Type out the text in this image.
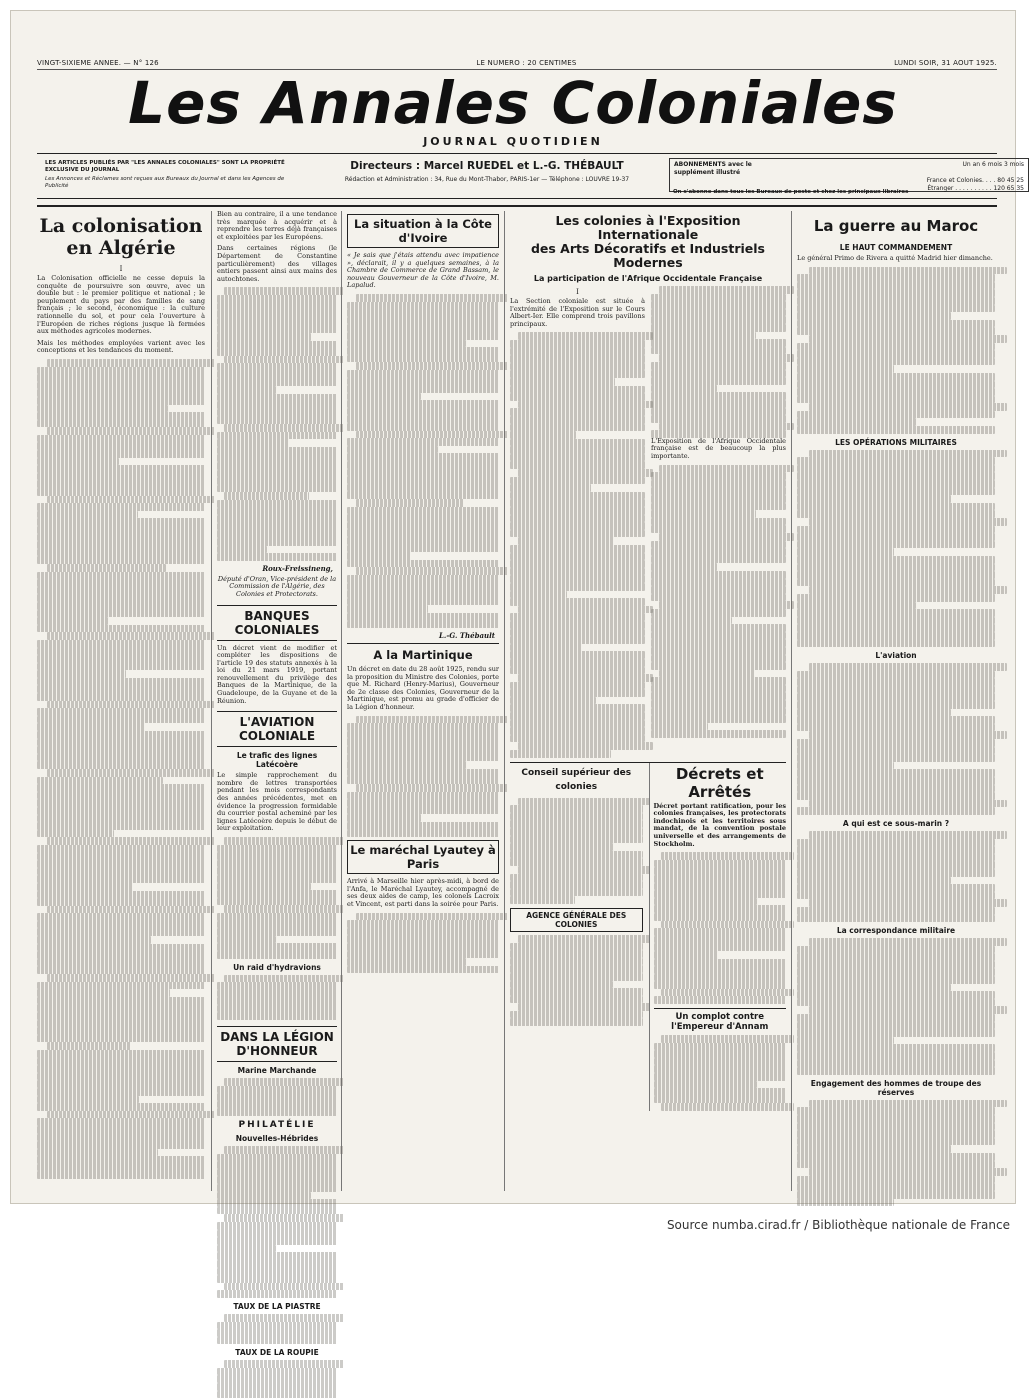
VINGT-SIXIEME ANNEE. — N° 126	LE NUMERO : 20 CENTIMES	LUNDI SOIR, 31 AOUT 1925.
Les Annales Coloniales
JOURNAL QUOTIDIEN
LES ARTICLES PUBLIÉS PAR "LES ANNALES COLONIALES" SONT LA PROPRIÉTÉ EXCLUSIVE DU JOURNAL
Les Annonces et Réclames sont reçues aux Bureaux du Journal et dans les Agences de Publicité
Directeurs : Marcel RUEDEL et L.-G. THÉBAULT
Rédaction et Administration : 34, Rue du Mont-Thabor, PARIS-1er — Téléphone : LOUVRE 19-37
ABONNEMENTS avec le supplément illustré
Un an 6 mois 3 mois
France et Colonies. . . . 80 45 25
Étranger . . . . . . . . . . 120 65 35
On s'abonne dans tous les Bureaux de poste et chez les principaux libraires
La colonisation en Algérie
I
La Colonisation officielle ne cesse depuis la conquête de poursuivre son œuvre, avec un double but : le premier politique et national ; le peuplement du pays par des familles de sang français ; le second, économique : la culture rationnelle du sol, et pour cela l'ouverture à l'Européen de riches régions jusque là fermées aux méthodes agricoles modernes.
Mais les méthodes employées varient avec les conceptions et les tendances du moment.
Bien au contraire, il a une tendance très marquée à acquérir et à reprendre les terres déjà françaises et exploitées par les Européens.
Dans certaines régions (le Département de Constantine particulièrement) des villages entiers passent ainsi aux mains des autochtones.
Roux-Freissineng,
Député d'Oran, Vice-président de la Commission de l'Algérie, des Colonies et Protectorats.
BANQUES COLONIALES
Un décret vient de modifier et compléter les dispositions de l'article 19 des statuts annexés à la loi du 21 mars 1919, portant renouvellement du privilège des Banques de la Martinique, de la Guadeloupe, de la Guyane et de la Réunion.
L'AVIATION COLONIALE
Le trafic des lignes Latécoère
Le simple rapprochement du nombre de lettres transportées pendant les mois correspondants des années précédentes, met en évidence la progression formidable du courrier postal acheminé par les lignes Latécoère depuis le début de leur exploitation.
Un raid d'hydravions
DANS LA LÉGION D'HONNEUR
Marine Marchande
PHILATÉLIE
Nouvelles-Hébrides
TAUX DE LA PIASTRE
TAUX DE LA ROUPIE
La situation à la Côte d'Ivoire
« Je sais que j'étais attendu avec impatience », déclarait, il y a quelques semaines, à la Chambre de Commerce de Grand Bassam, le nouveau Gouverneur de la Côte d'Ivoire, M. Lapalud.
L.-G. Thébault
A la Martinique
Un décret en date du 28 août 1925, rendu sur la proposition du Ministre des Colonies, porte que M. Richard (Henry-Marius), Gouverneur de 2e classe des Colonies, Gouverneur de la Martinique, est promu au grade d'officier de la Légion d'honneur.
Le maréchal Lyautey à Paris
Arrivé à Marseille hier après-midi, à bord de l'Anfa, le Maréchal Lyautey, accompagné de ses deux aides de camp, les colonels Lacroix et Vincent, est parti dans la soirée pour Paris.
Les colonies à l'Exposition Internationale
des Arts Décoratifs et Industriels Modernes
La participation de l'Afrique Occidentale Française
I
La Section coloniale est située à l'extrémité de l'Exposition sur le Cours Albert-Ier. Elle comprend trois pavillons principaux.
L'Exposition de l'Afrique Occidentale française est de beaucoup la plus importante.
Conseil supérieur des colonies
AGENCE GÉNÉRALE DES COLONIES
Décrets et Arrêtés
Décret portant ratification, pour les colonies françaises, les protectorats indochinois et les territoires sous mandat, de la convention postale universelle et des arrangements de Stockholm.
Un complot contre l'Empereur d'Annam
La guerre au Maroc
LE HAUT COMMANDEMENT
Le général Primo de Rivera a quitté Madrid hier dimanche.
LES OPÉRATIONS MILITAIRES
L'aviation
A qui est ce sous-marin ?
La correspondance militaire
Engagement des hommes de troupe des réserves
Source numba.cirad.fr / Bibliothèque nationale de France
